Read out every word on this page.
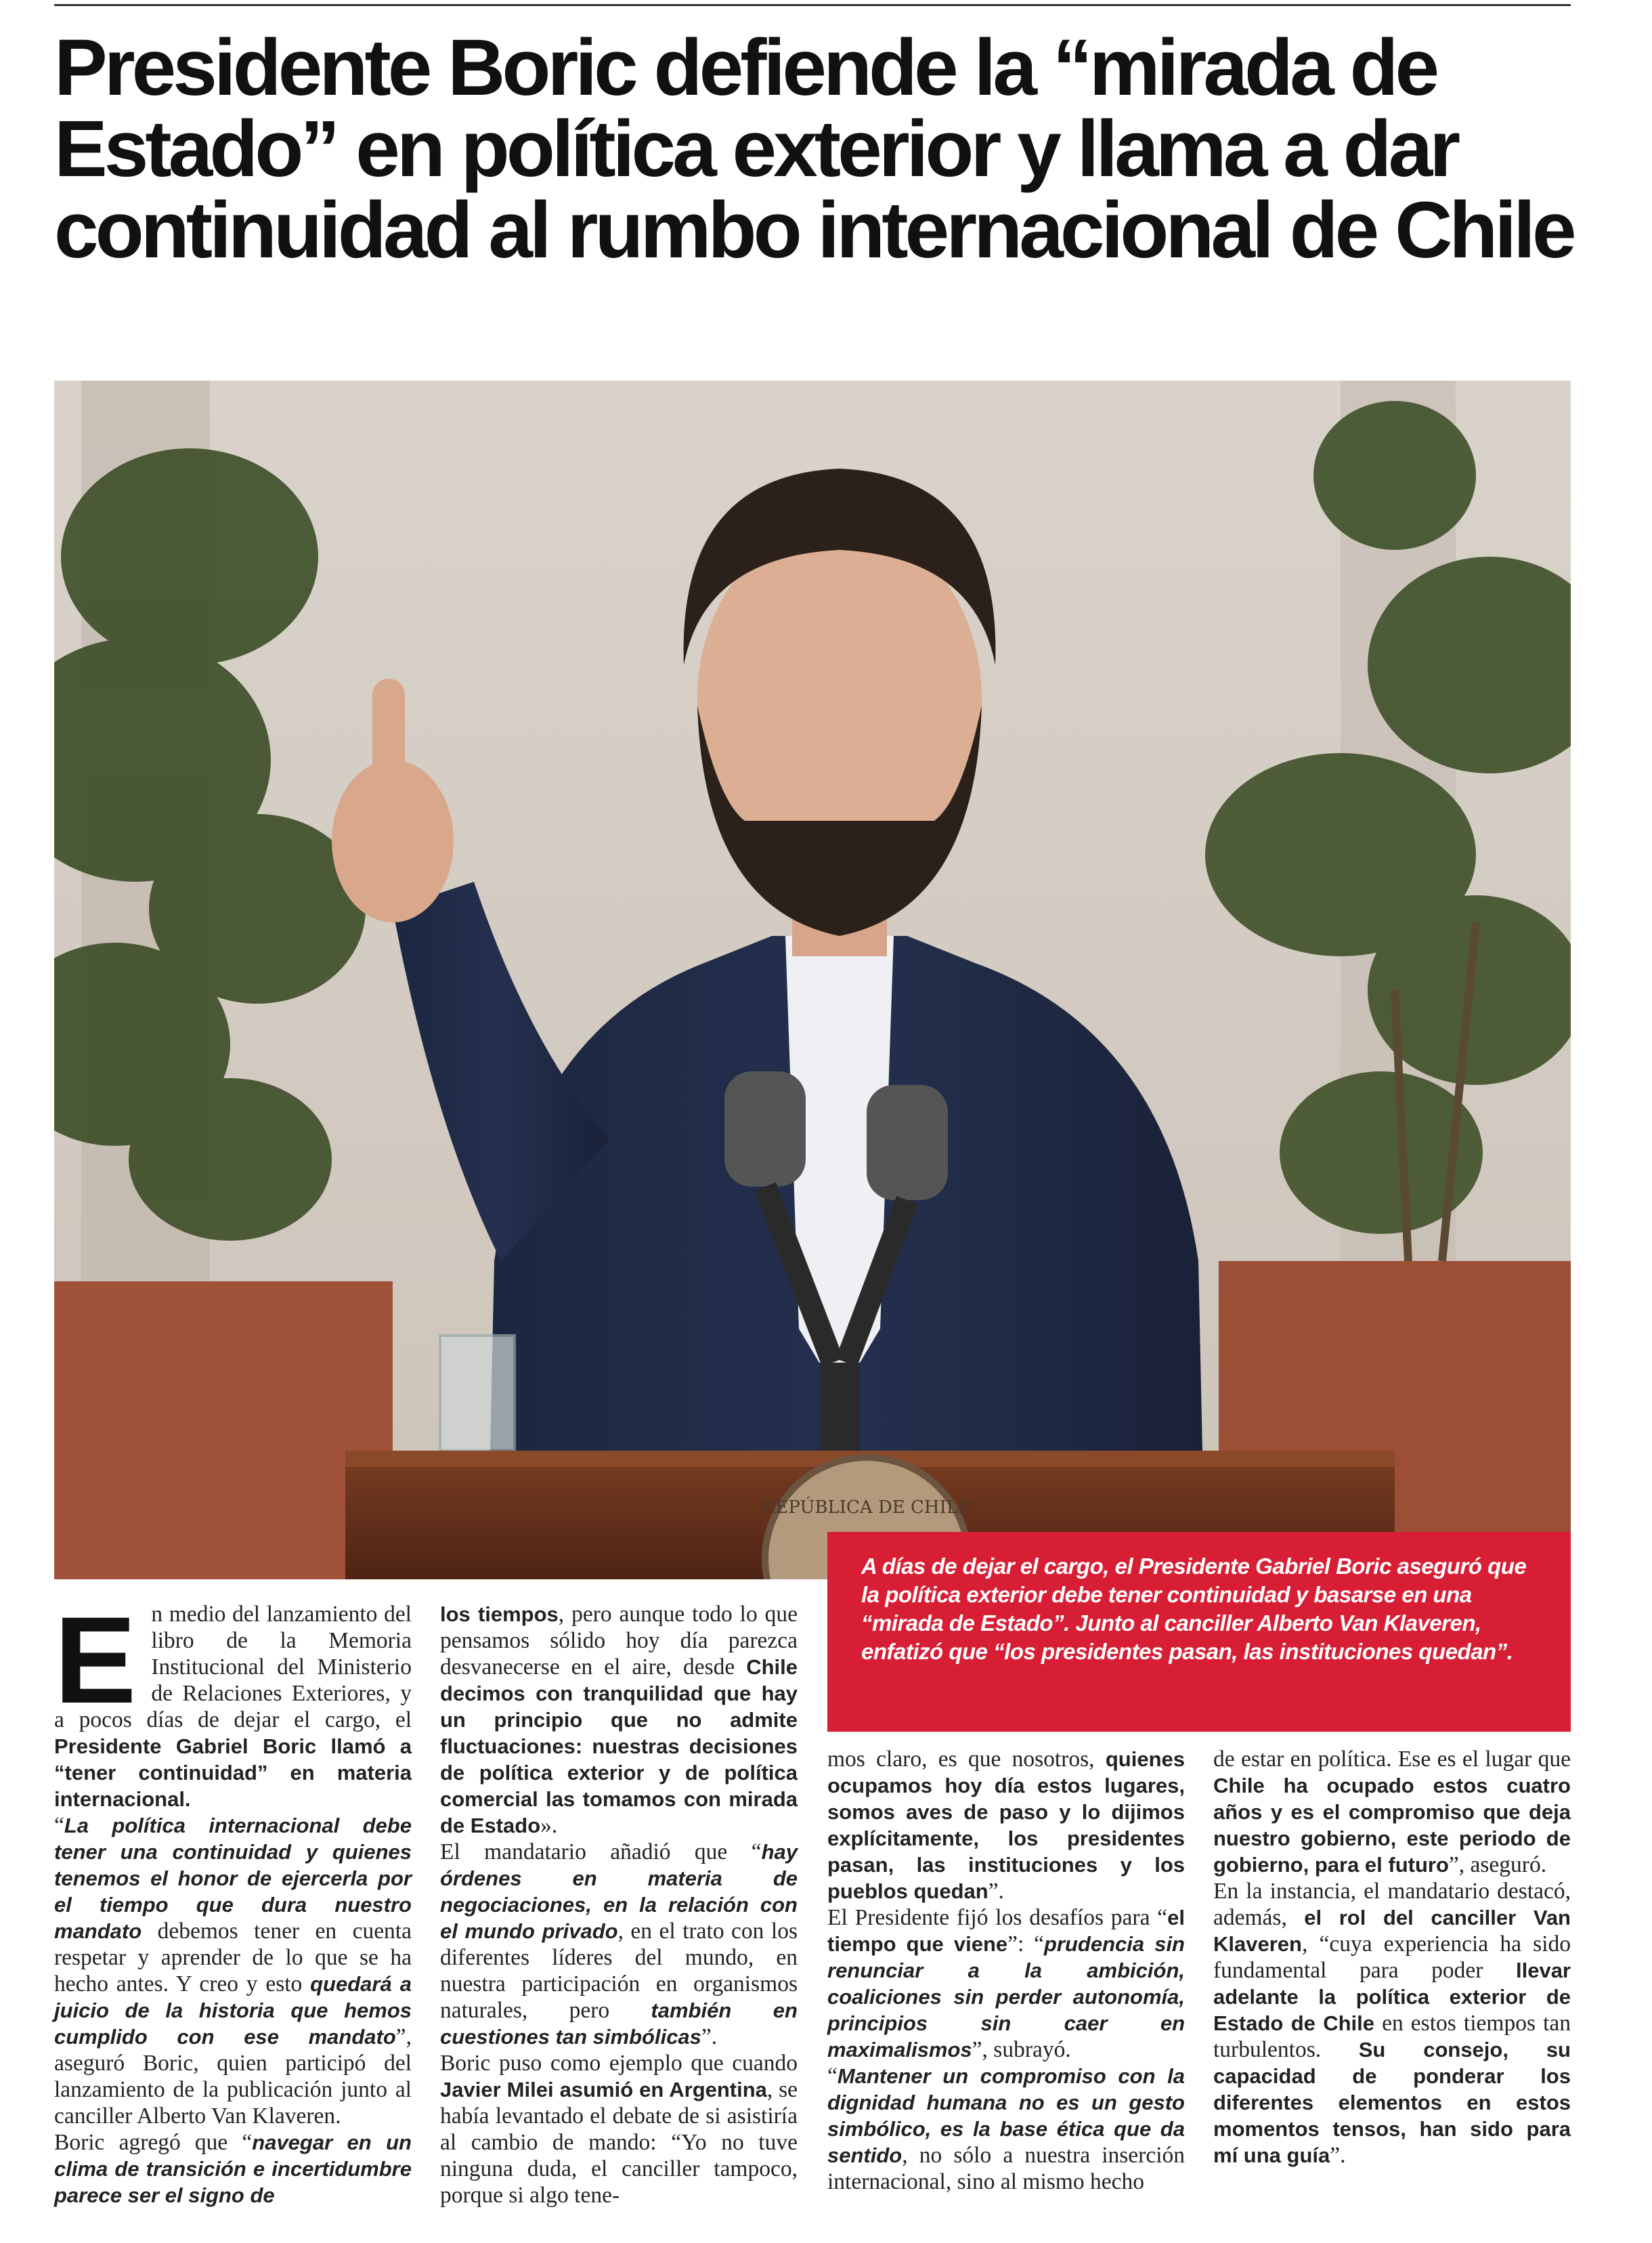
Presidente Boric defiende la “mirada de Estado” en política exterior y llama a dar continuidad al rumbo internacional de Chile
REPÚBLICA DE CHILE

A días de dejar el cargo, el Presidente Gabriel Boric aseguró que la política exterior debe tener continuidad y basarse en una “mirada de Estado”. Junto al canciller Alberto Van Klaveren, enfatizó que “los presidentes pasan, las instituciones quedan”.

En medio del lanzamiento del libro de la Memoria Institucional del Ministerio de Relaciones Exteriores, y a pocos días de dejar el cargo, el Presidente Gabriel Boric llamó a “tener continuidad” en materia internacional.

“La política internacional debe tener una continuidad y quienes tenemos el honor de ejercerla por el tiempo que dura nuestro mandato debemos tener en cuenta respetar y aprender de lo que se ha hecho antes. Y creo y esto quedará a juicio de la historia que hemos cumplido con ese mandato”, aseguró Boric, quien participó del lanzamiento de la publicación junto al canciller Alberto Van Klaveren.

Boric agregó que “navegar en un clima de transición e incertidumbre parece ser el signo de

los tiempos, pero aunque todo lo que pensamos sólido hoy día parezca desvanecerse en el aire, desde Chile decimos con tranquilidad que hay un principio que no admite fluctuaciones: nuestras decisiones de política exterior y de política comercial las tomamos con mirada de Estado».

El mandatario añadió que “hay órdenes en materia de negociaciones, en la relación con el mundo privado, en el trato con los diferentes líderes del mundo, en nuestra participación en organismos naturales, pero también en cuestiones tan simbólicas”.

Boric puso como ejemplo que cuando Javier Milei asumió en Argentina, se había levantado el debate de si asistiría al cambio de mando: “Yo no tuve ninguna duda, el canciller tampoco, porque si algo tene-

mos claro, es que nosotros, quienes ocupamos hoy día estos lugares, somos aves de paso y lo dijimos explícitamente, los presidentes pasan, las instituciones y los pueblos quedan”.

El Presidente fijó los desafíos para “el tiempo que viene”: “prudencia sin renunciar a la ambición, coaliciones sin perder autonomía, principios sin caer en maximalismos”, subrayó.

“Mantener un compromiso con la dignidad humana no es un gesto simbólico, es la base ética que da sentido, no sólo a nuestra inserción internacional, sino al mismo hecho

de estar en política. Ese es el lugar que Chile ha ocupado estos cuatro años y es el compromiso que deja nuestro gobierno, este periodo de gobierno, para el futuro”, aseguró.

En la instancia, el mandatario destacó, además, el rol del canciller Van Klaveren, “cuya experiencia ha sido fundamental para poder llevar adelante la política exterior de Estado de Chile en estos tiempos tan turbulentos. Su consejo, su capacidad de ponderar los diferentes elementos en estos momentos tensos, han sido para mí una guía”.
